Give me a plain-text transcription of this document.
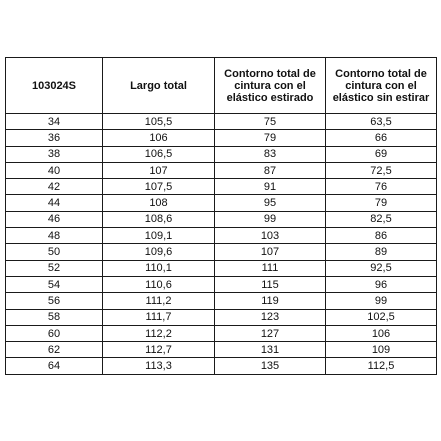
103024S	Largo total	Contorno total de cintura con el elástico estirado	Contorno total de cintura con el elástico sin estirar
34	105,5	75	63,5
36	106	79	66
38	106,5	83	69
40	107	87	72,5
42	107,5	91	76
44	108	95	79
46	108,6	99	82,5
48	109,1	103	86
50	109,6	107	89
52	110,1	111	92,5
54	110,6	115	96
56	111,2	119	99
58	111,7	123	102,5
60	112,2	127	106
62	112,7	131	109
64	113,3	135	112,5
